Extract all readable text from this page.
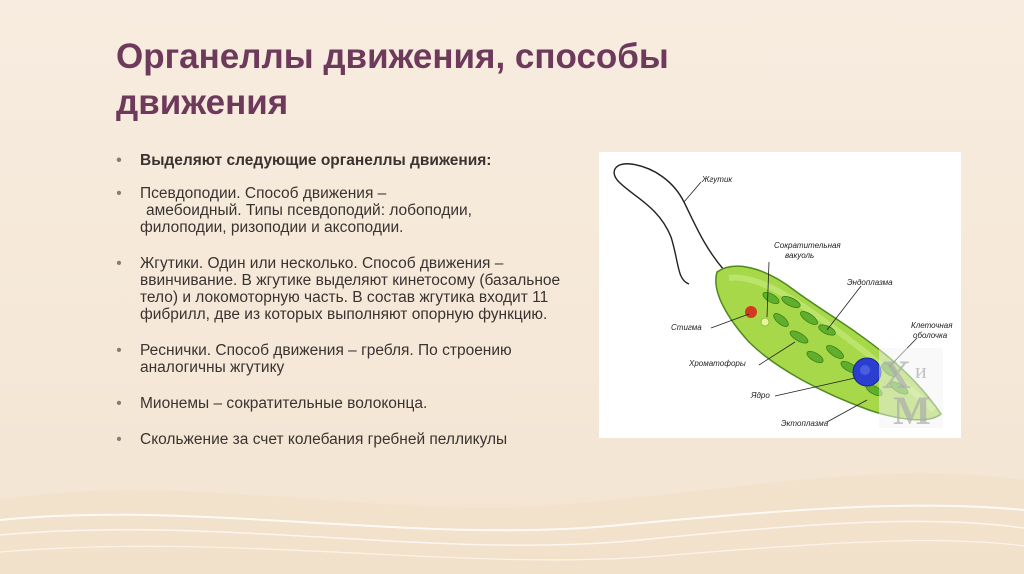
Органеллы движения, способы движения
• Выделяют следующие органеллы движения:
• Псевдоподии. Способ движения –
амебоидный. Типы псевдоподий: лобоподии,
филоподии, ризоподии и аксоподии.
• Жгутики. Один или несколько. Способ движения – ввинчивание. В жгутике выделяют кинетосому (базальное тело) и локомоторную часть. В состав жгутика входит 11 фибрилл, две из которых выполняют опорную функцию.
• Реснички. Способ движения – гребля. По строению аналогичны жгутику
• Мионемы – сократительные волоконца.
• Скольжение за счет колебания гребней пелликулы
Жгутик
Сократительная
вакуоль
Эндоплазма
Стигма	Клеточная
оболочка
Хроматофоры
Ядро
Эктоплазма
Х и
М
